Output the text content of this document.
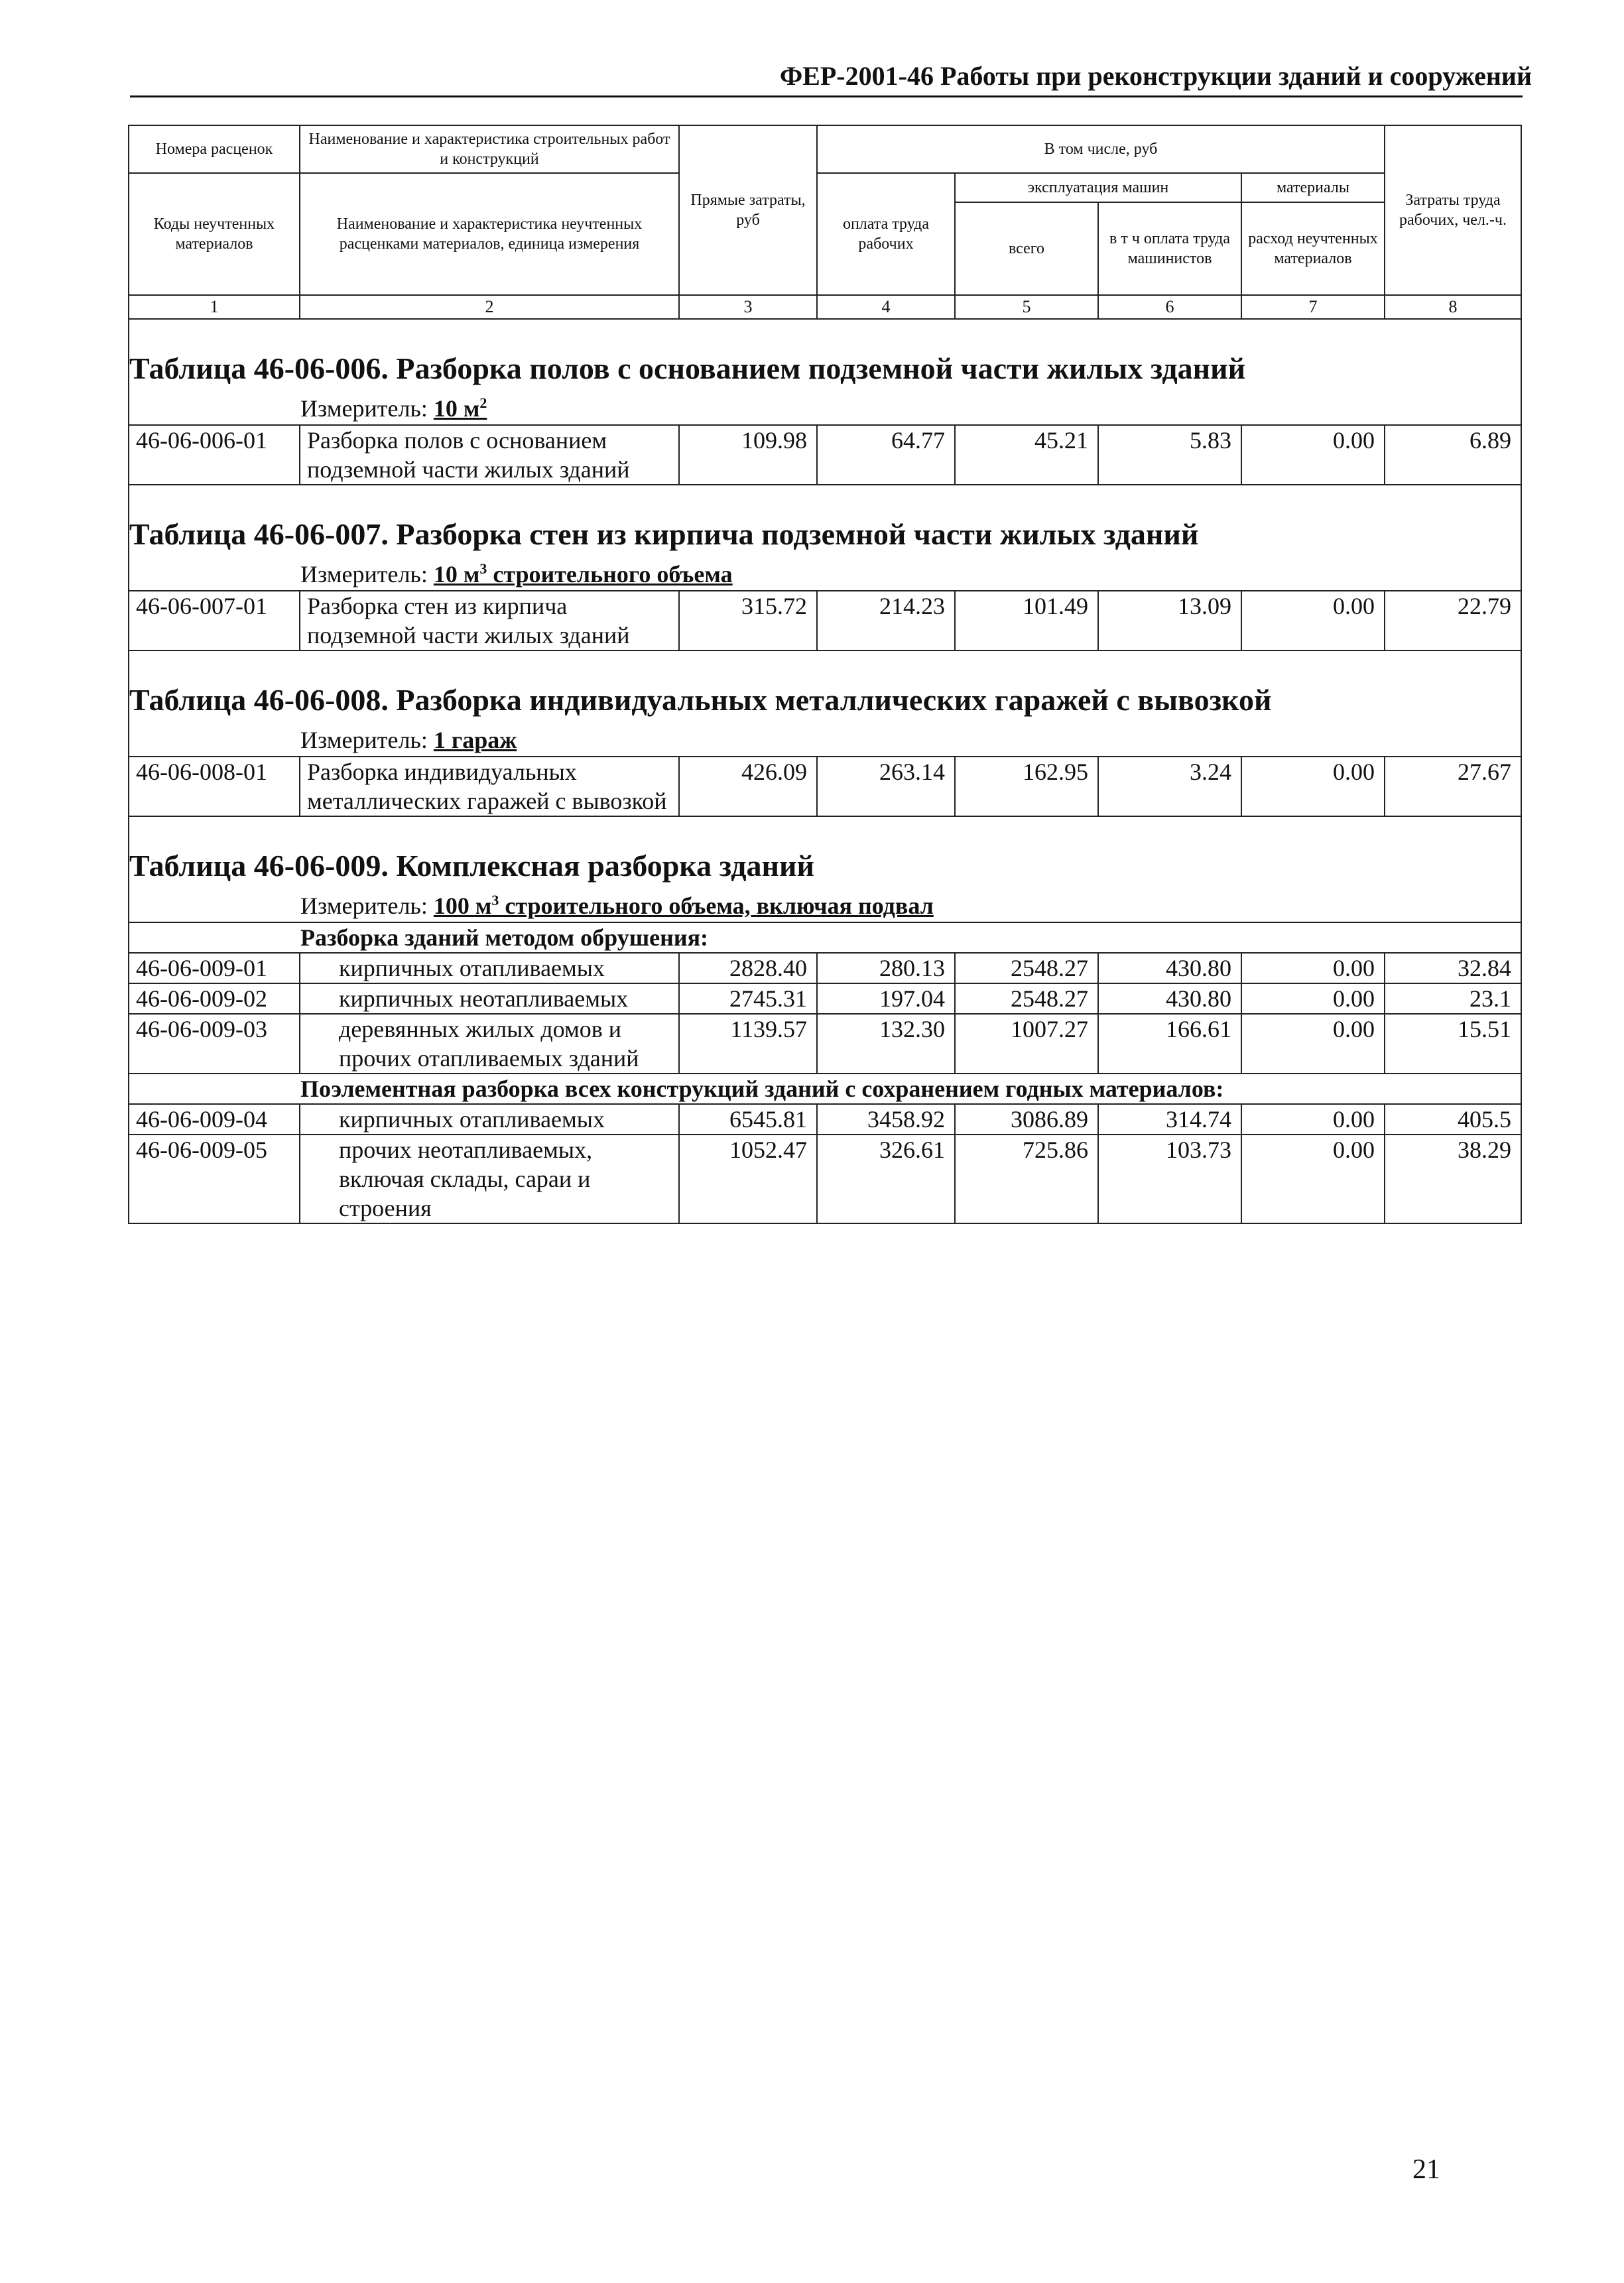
ФЕР-2001-46 Работы при реконструкции зданий и сооружений
Номера расценок	Наименование и характеристика строительных работ и конструкций	Прямые затраты, руб	В том числе, руб				Затраты труда рабочих, чел.-ч.
Коды неучтенных материалов	Наименование и характеристика неучтенных расценками материалов, единица измерения		оплата труда рабочих	эксплуатация машин		материалы	
				всего	в т ч оплата труда машинистов	расход неучтенных материалов	
1	2	3	4	5	6	7	8

Таблица 46-06-006. Разборка полов с основанием подземной части жилых зданий
Измеритель: 10 $м^2$

46-06-006-01	Разборка полов с основанием подземной части жилых зданий	109.98	64.77	45.21	5.83	0.00	6.89

Таблица 46-06-007. Разборка стен из кирпича подземной части жилых зданий
Измеритель: 10 $м^3$ строительного объема							

46-06-007-01	Разборка стен из кирпича подземной части жилых зданий	315.72	214.23	101.49	13.09	0.00	22.79

Таблица 46-06-008. Разборка индивидуальных металлических гаражей с вывозкой
Измеритель: 1 гараж							

46-06-008-01	Разборка индивидуальных металлических гаражей с вывозкой	426.09	263.14	162.95	3.24	0.00	27.67

Таблица 46-06-009. Комплексная разборка зданий
Измеритель: 100 $м^3$ строительного объема, включая подвал							

Разборка зданий методом обрушения:							

46-06-009-01	кирпичных отапливаемых	2828.40	280.13	2548.27	430.80	0.00	32.84
46-06-009-02	кирпичных неотапливаемых	2745.31	197.04	2548.27	430.80	0.00	23.1
46-06-009-03	деревянных жилых домов и прочих отапливаемых зданий	1139.57	132.30	1007.27	166.61	0.00	15.51

Поэлементная разборка всех конструкций зданий с сохранением годных материалов:							

46-06-009-04	кирпичных отапливаемых	6545.81	3458.92	3086.89	314.74	0.00	405.5
46-06-009-05	прочих неотапливаемых, включая склады, сараи и строения	1052.47	326.61	725.86	103.73	0.00	38.29
21
